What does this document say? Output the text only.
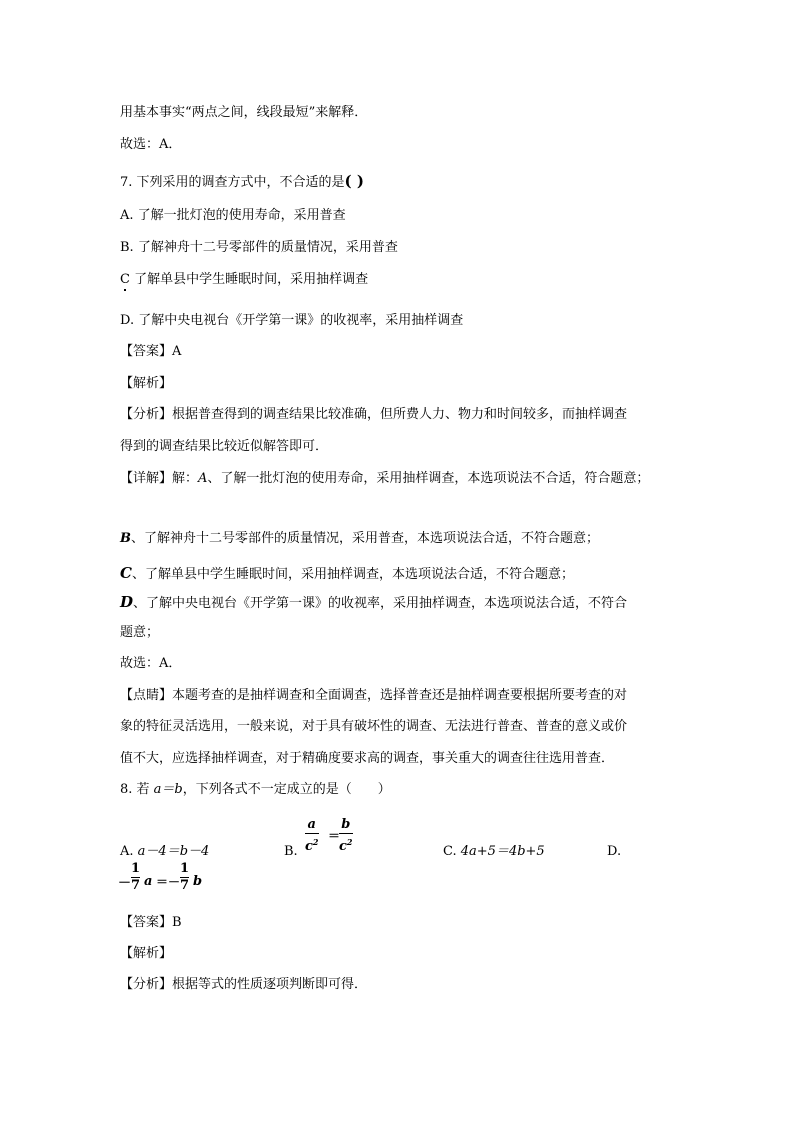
用基本事实“两点之间，线段最短”来解释．
故选：A．
7. 下列采用的调查方式中，不合适的是( )
A. 了解一批灯泡的使用寿命，采用普查
B. 了解神舟十二号零部件的质量情况，采用普查
C 了解单县中学生睡眠时间，采用抽样调查
D. 了解中央电视台《开学第一课》的收视率，采用抽样调查
【答案】A
【解析】
【分析】根据普查得到的调查结果比较准确，但所费人力、物力和时间较多，而抽样调查
得到的调查结果比较近似解答即可．
【详解】解：A、了解一批灯泡的使用寿命，采用抽样调查，本选项说法不合适，符合题意；
B、了解神舟十二号零部件的质量情况，采用普查，本选项说法合适，不符合题意；
C、了解单县中学生睡眠时间，采用抽样调查，本选项说法合适，不符合题意；
D、了解中央电视台《开学第一课》的收视率，采用抽样调查，本选项说法合适，不符合
题意；
故选：A．
【点睛】本题考查的是抽样调查和全面调查，选择普查还是抽样调查要根据所要考查的对
象的特征灵活选用，一般来说，对于具有破坏性的调查、无法进行普查、普查的意义或价
值不大，应选择抽样调查，对于精确度要求高的调查，事关重大的调查往往选用普查．
8. 若 a＝b，下列各式不一定成立的是（　　）
A. a－4＝b－4	B.
a
$c^2$ ＝
b
$c^2$
C. 4a+5＝4b+5	D.
－
1
7 a ＝－
1
7 b
【答案】B
【解析】
【分析】根据等式的性质逐项判断即可得．
